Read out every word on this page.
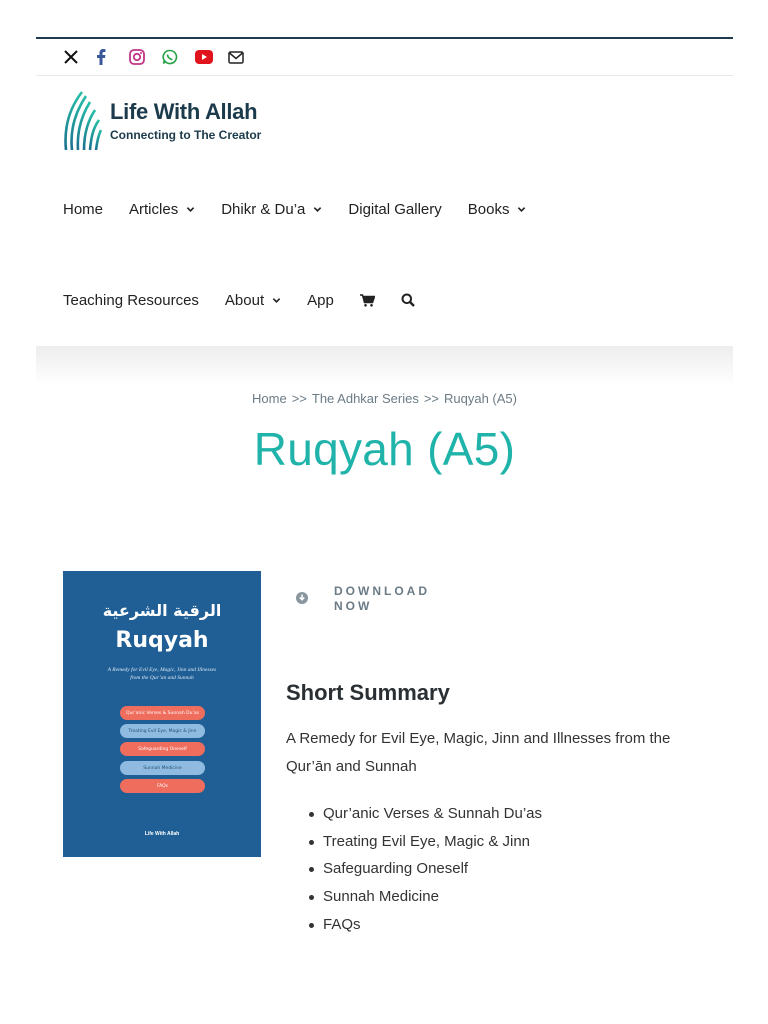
Life With Allah
Connecting to The Creator
Home Articles	Dhikr & Du’a	Digital Gallery Books
Teaching Resources About	App
Home >> The Adhkar Series >> Ruqyah (A5)
Ruqyah (A5)
الرقية الشرعية
Ruqyah
A Remedy for Evil Eye, Magic, Jinn and Illnesses
from the Qur’an and Sunnah
Qur’anic Verses & Sunnah Du’as
Treating Evil Eye, Magic & Jinn
Safeguarding Oneself
Sunnah Medicine
FAQs
Life With Allah
DOWNLOAD
NOW
Short Summary

A Remedy for Evil Eye, Magic, Jinn and Illnesses from the Qur’ān and Sunnah

Qur’anic Verses & Sunnah Du’as
Treating Evil Eye, Magic & Jinn
Safeguarding Oneself
Sunnah Medicine
FAQs
